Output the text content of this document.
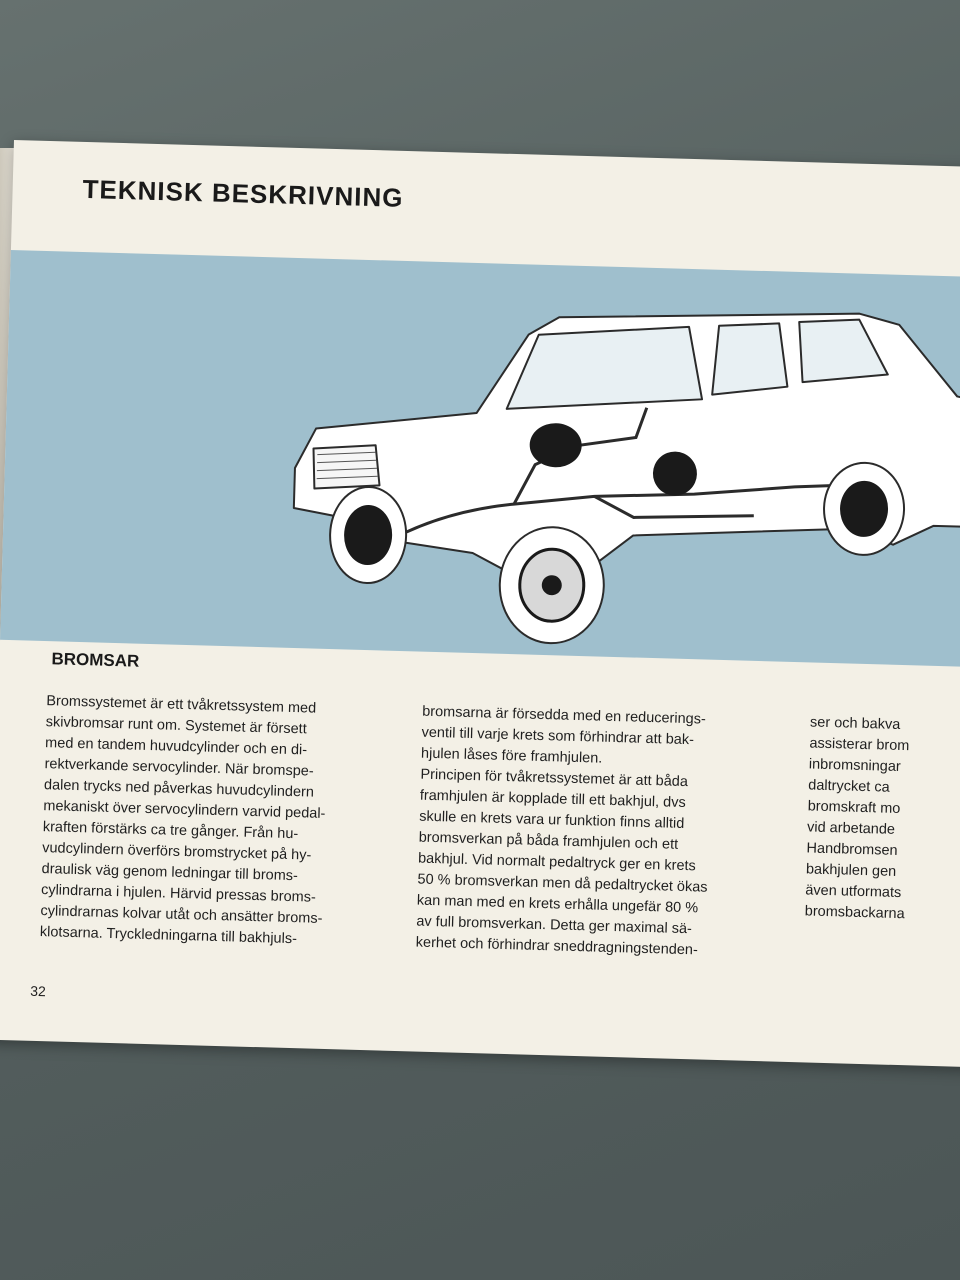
TEKNISK BESKRIVNING
BROMSAR

Bromssystemet är ett tvåkretssystem med

skivbromsar runt om. Systemet är försett

med en tandem huvudcylinder och en di-

rektverkande servocylinder. När bromspe-

dalen trycks ned påverkas huvudcylindern

mekaniskt över servocylindern varvid pedal-

kraften förstärks ca tre gånger. Från hu-

vudcylindern överförs bromstrycket på hy-

draulisk väg genom ledningar till broms-

cylindrarna i hjulen. Härvid pressas broms-

cylindrarnas kolvar utåt och ansätter broms-

klotsarna. Tryckledningarna till bakhjuls-

bromsarna är försedda med en reducerings-

ventil till varje krets som förhindrar att bak-

hjulen låses före framhjulen.

Principen för tvåkretssystemet är att båda

framhjulen är kopplade till ett bakhjul, dvs

skulle en krets vara ur funktion finns alltid

bromsverkan på båda framhjulen och ett

bakhjul. Vid normalt pedaltryck ger en krets

50 % bromsverkan men då pedaltrycket ökas

kan man med en krets erhålla ungefär 80 %

av full bromsverkan. Detta ger maximal sä-

kerhet och förhindrar sneddragningstenden-

ser och bakva

assisterar brom

inbromsningar

daltrycket ca

bromskraft mo

vid arbetande

Handbromsen

bakhjulen gen

även utformats

bromsbackarna

32
